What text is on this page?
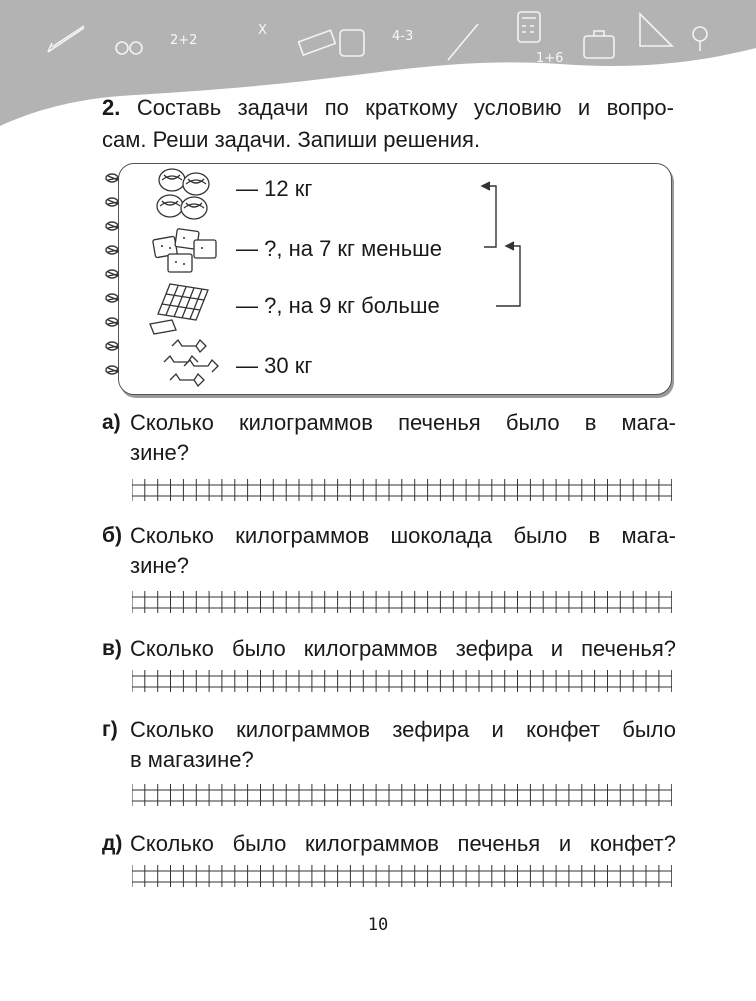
2+2
X	4-3
1+6
2. Составь задачи по краткому условию и вопро-
сам. Реши задачи. Запиши решения.
— 12 кг
— ?, на 7 кг меньше
— ?, на 9 кг больше
— 30 кг
а) Сколько килограммов печенья было в мага-
зине?
б) Сколько килограммов шоколада было в мага-
зине?
в) Сколько было килограммов зефира и печенья?
г) Сколько килограммов зефира и конфет было
в магазине?
д) Сколько было килограммов печенья и конфет?
10
